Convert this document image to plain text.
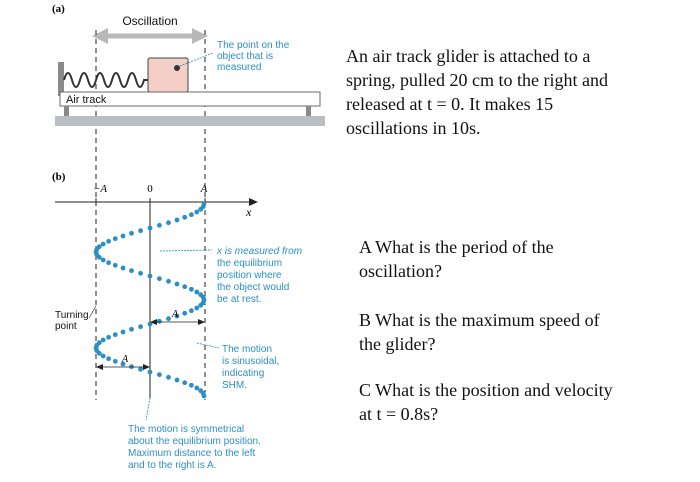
(a)
Oscillation
The point on the
object that is
measured
Air track
(b)
−A	0	A
x
A
A
Turning
point
x is measured from
the equilibrium
position where
the object would
be at rest.
The motion
is sinusoidal,
indicating
SHM.
The motion is symmetrical
about the equilibrium position.
Maximum distance to the left
and to the right is A.
An air track glider is attached to a
spring, pulled 20 cm to the right and
released at t = 0. It makes 15
oscillations in 10s.
A What is the period of the
oscillation?
B What is the maximum speed of
the glider?
C What is the position and velocity
at t = 0.8s?
